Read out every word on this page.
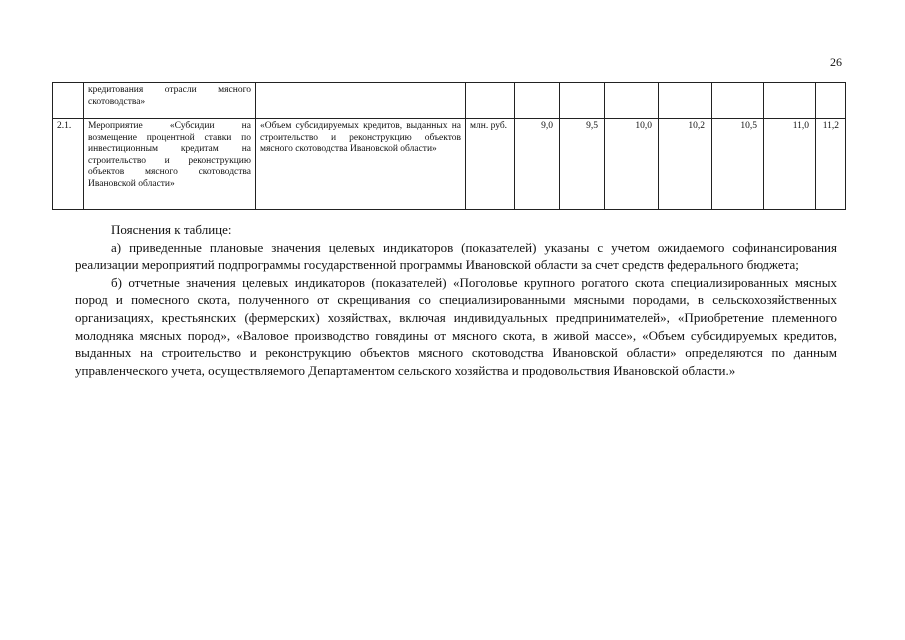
26
	кредитования отрасли мясного скотоводства»									
2.1.	Мероприятие «Субсидии на возмещение процентной ставки по инвестиционным кредитам на строительство и реконструкцию объектов мясного скотоводства Ивановской области»	«Объем субсидируемых кредитов, выданных на строительство и реконструкцию объектов мясного скотоводства Ивановской области»	млн. руб.	9,0	9,5	10,0	10,2	10,5	11,0	11,2

Пояснения к таблице:

а) приведенные плановые значения целевых индикаторов (показателей) указаны с учетом ожидаемого софинансирования реализации мероприятий подпрограммы государственной программы Ивановской области за счет средств федерального бюджета;

б) отчетные значения целевых индикаторов (показателей) «Поголовье крупного рогатого скота специализированных мясных пород и помесного скота, полученного от скрещивания со специализированными мясными породами, в сельскохозяйственных организациях, крестьянских (фермерских) хозяйствах, включая индивидуальных предпринимателей», «Приобретение племенного молодняка мясных пород», «Валовое производство говядины от мясного скота, в живой массе», «Объем субсидируемых кредитов, выданных на строительство и реконструкцию объектов мясного скотоводства Ивановской области» определяются по данным управленческого учета, осуществляемого Департаментом сельского хозяйства и продовольствия Ивановской области.»
